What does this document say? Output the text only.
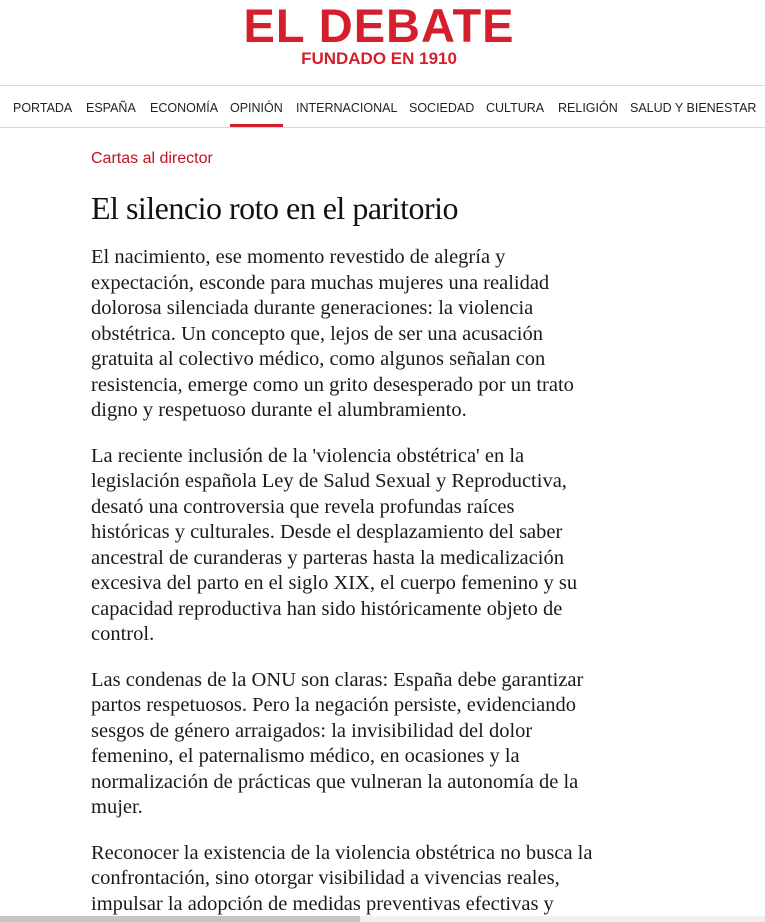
EL DEBATE
FUNDADO EN 1910
PORTADA ESPAÑA ECONOMÍA OPINIÓN INTERNACIONAL SOCIEDAD CULTURA RELIGIÓN SALUD Y BIENESTAR
Cartas al director
El silencio roto en el paritorio

El nacimiento, ese momento revestido de alegría y
expectación, esconde para muchas mujeres una realidad
dolorosa silenciada durante generaciones: la violencia
obstétrica. Un concepto que, lejos de ser una acusación
gratuita al colectivo médico, como algunos señalan con
resistencia, emerge como un grito desesperado por un trato
digno y respetuoso durante el alumbramiento.

La reciente inclusión de la 'violencia obstétrica' en la
legislación española Ley de Salud Sexual y Reproductiva,
desató una controversia que revela profundas raíces
históricas y culturales. Desde el desplazamiento del saber
ancestral de curanderas y parteras hasta la medicalización
excesiva del parto en el siglo XIX, el cuerpo femenino y su
capacidad reproductiva han sido históricamente objeto de
control.

Las condenas de la ONU son claras: España debe garantizar
partos respetuosos. Pero la negación persiste, evidenciando
sesgos de género arraigados: la invisibilidad del dolor
femenino, el paternalismo médico, en ocasiones y la
normalización de prácticas que vulneran la autonomía de la
mujer.

Reconocer la existencia de la violencia obstétrica no busca la
confrontación, sino otorgar visibilidad a vivencias reales,
impulsar la adopción de medidas preventivas efectivas y
